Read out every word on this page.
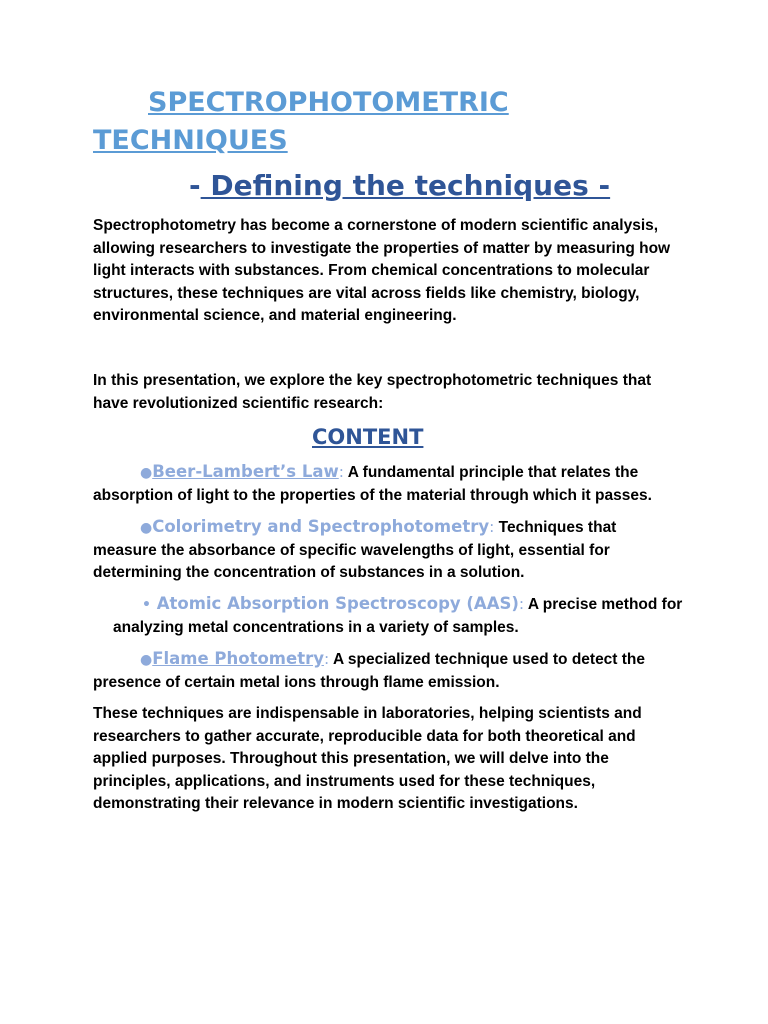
SPECTROPHOTOMETRIC
TECHNIQUES
- Defining the techniques -
Spectrophotometry has become a cornerstone of modern scientific analysis, allowing researchers to investigate the properties of matter by measuring how light interacts with substances. From chemical concentrations to molecular structures, these techniques are vital across fields like chemistry, biology, environmental science, and material engineering.
In this presentation, we explore the key spectrophotometric techniques that have revolutionized scientific research:
CONTENT
●Beer-Lambert’s Law: A fundamental principle that relates the absorption of light to the properties of the material through which it passes.
●Colorimetry and Spectrophotometry: Techniques that measure the absorbance of specific wavelengths of light, essential for determining the concentration of substances in a solution.
• Atomic Absorption Spectroscopy (AAS): A precise method foranalyzing metal concentrations in a variety of samples.
●Flame Photometry: A specialized technique used to detect the presence of certain metal ions through flame emission.
These techniques are indispensable in laboratories, helping scientists and researchers to gather accurate, reproducible data for both theoretical and applied purposes. Throughout this presentation, we will delve into the principles, applications, and instruments used for these techniques, demonstrating their relevance in modern scientific investigations.
